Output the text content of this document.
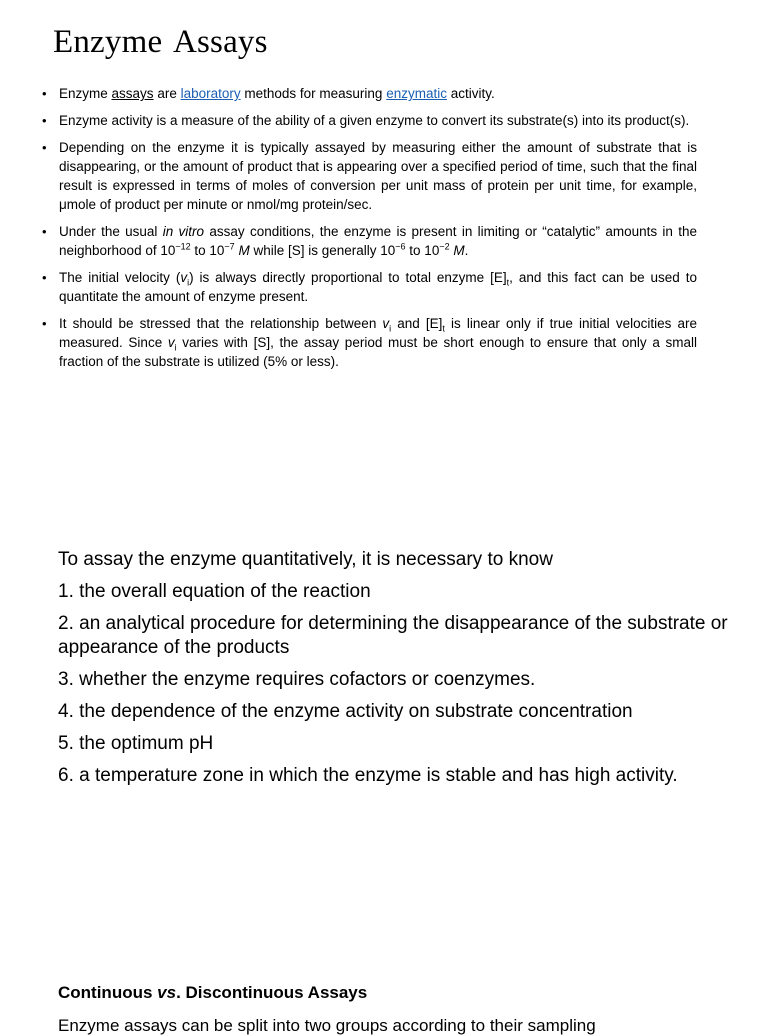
Enzyme Assays
• Enzyme assays are laboratory methods for measuring enzymatic activity.
• Enzyme activity is a measure of the ability of a given enzyme to convert its substrate(s) into its product(s).
• Depending on the enzyme it is typically assayed by measuring either the amount of substrate that is disappearing, or the amount of product that is appearing over a specified period of time, such that the final result is expressed in terms of moles of conversion per unit mass of protein per unit time, for example, μmole of product per minute or nmol/mg protein/sec.
• Under the usual in vitro assay conditions, the enzyme is present in limiting or “catalytic” amounts in the neighborhood of $10^{-12}$ to $10^{-7}$ M while [S] is generally $10^{-6}$ to $10^{-2}$ M.
• The initial velocity $(v_i)$ is always directly proportional to total enzyme $[E]_t$, and this fact can be used to quantitate the amount of enzyme present.
• It should be stressed that the relationship between $v_i$ and $[E]_t$ is linear only if true initial velocities are measured. Since $v_i$ varies with [S], the assay period must be short enough to ensure that only a small fraction of the substrate is utilized (5% or less).

To assay the enzyme quantitatively, it is necessary to know

1. the overall equation of the reaction

2. an analytical procedure for determining the disappearance of the substrate or appearance of the products

3. whether the enzyme requires cofactors or coenzymes.

4. the dependence of the enzyme activity on substrate concentration

5. the optimum pH

6. a temperature zone in which the enzyme is stable and has high activity.

Continuous vs. Discontinuous Assays
Enzyme assays can be split into two groups according to their sampling
